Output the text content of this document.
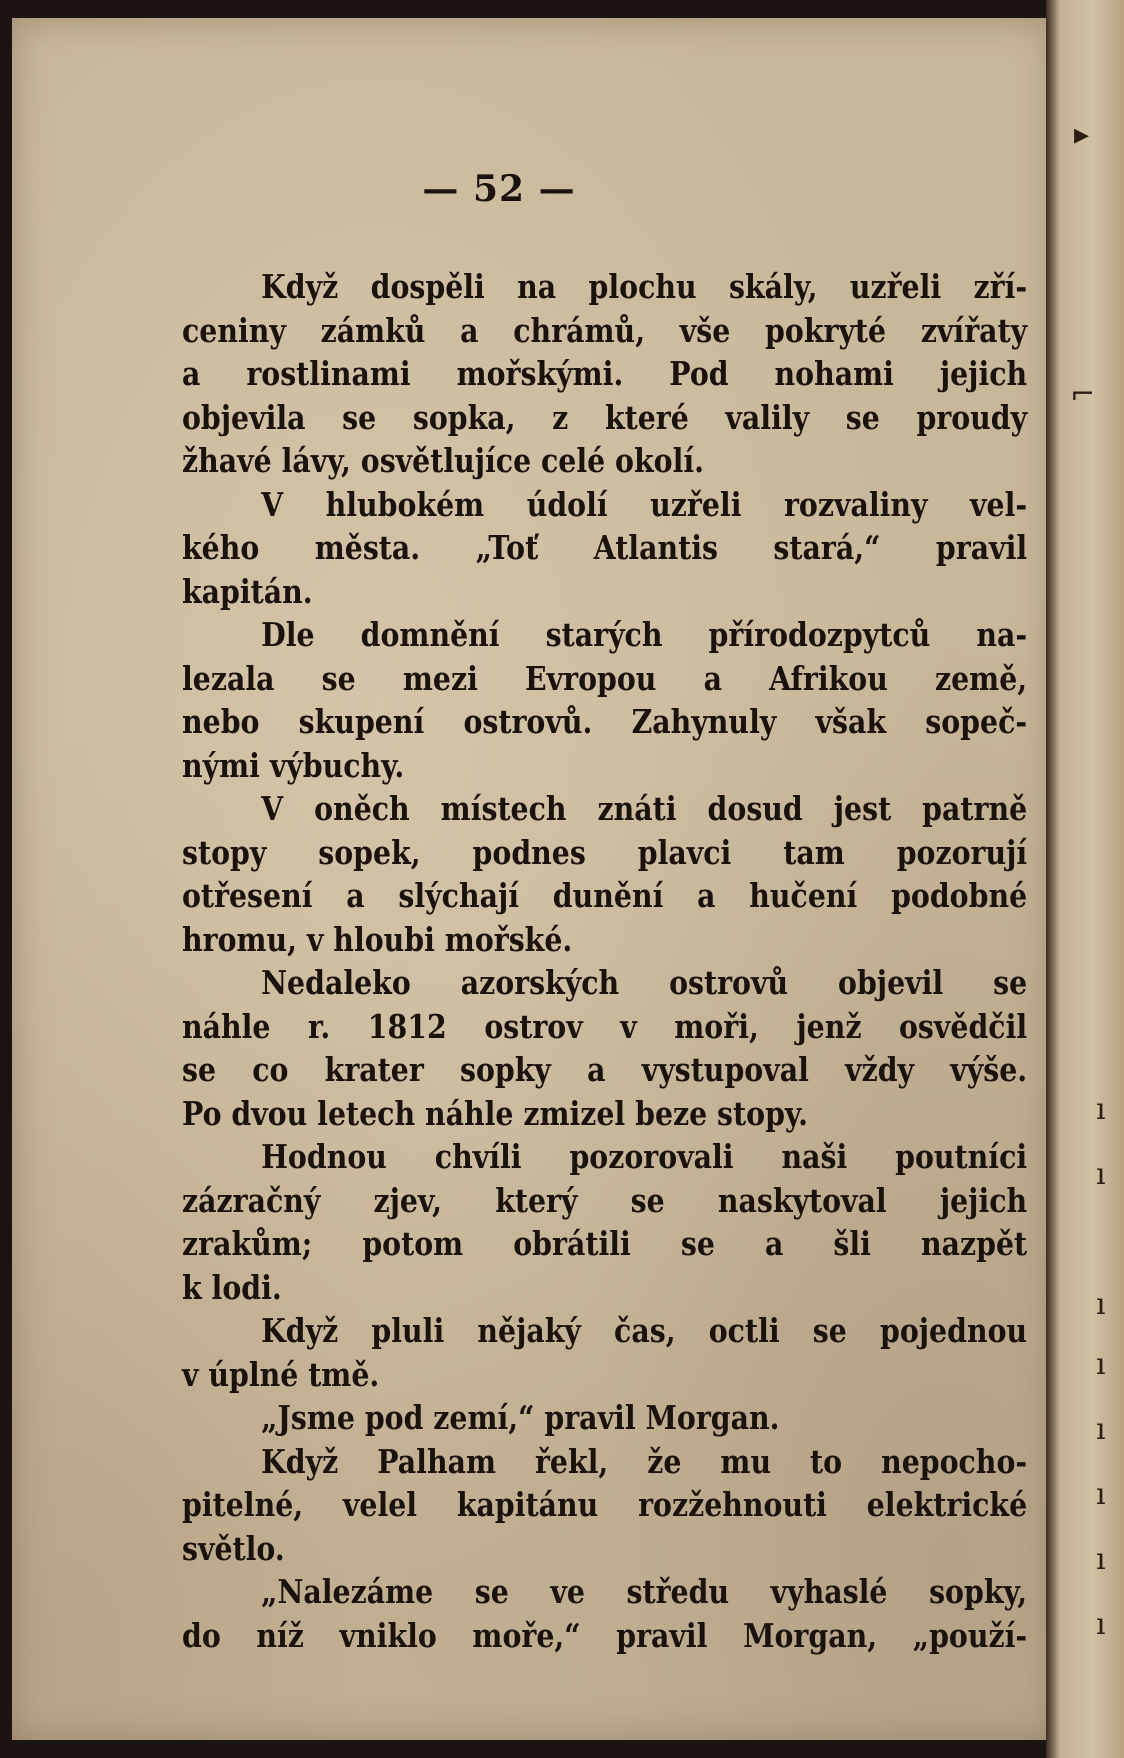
— 52 —
Když dospěli na plochu skály, uzřeli zří-
ceniny zámků a chrámů, vše pokryté zvířaty
a rostlinami mořskými. Pod nohami jejich
objevila se sopka, z které valily se proudy
žhavé lávy, osvětlujíce celé okolí.
V hlubokém údolí uzřeli rozvaliny vel-
kého města. „Toť Atlantis stará,“ pravil
kapitán.
Dle domnění starých přírodozpytců na-
lezala se mezi Evropou a Afrikou země,
nebo skupení ostrovů. Zahynuly však sopeč-
nými výbuchy.
V oněch místech znáti dosud jest patrně
stopy sopek, podnes plavci tam pozorují
otřesení a slýchají dunění a hučení podobné
hromu, v hloubi mořské.
Nedaleko azorských ostrovů objevil se
náhle r. 1812 ostrov v moři, jenž osvědčil
se co krater sopky a vystupoval vždy výše.
Po dvou letech náhle zmizel beze stopy.
Hodnou chvíli pozorovali naši poutníci
zázračný zjev, který se naskytoval jejich
zrakům; potom obrátili se a šli nazpět
k lodi.
Když pluli nějaký čas, octli se pojednou
v úplné tmě.
„Jsme pod zemí,“ pravil Morgan.
Když Palham řekl, že mu to nepocho-
pitelné, velel kapitánu rozžehnouti elektrické
světlo.
„Nalezáme se ve středu vyhaslé sopky,
do níž vniklo moře,“ pravil Morgan, „použí-
▸
⌐
ı
ı
ı
ı
ı
ı
ı
ı
